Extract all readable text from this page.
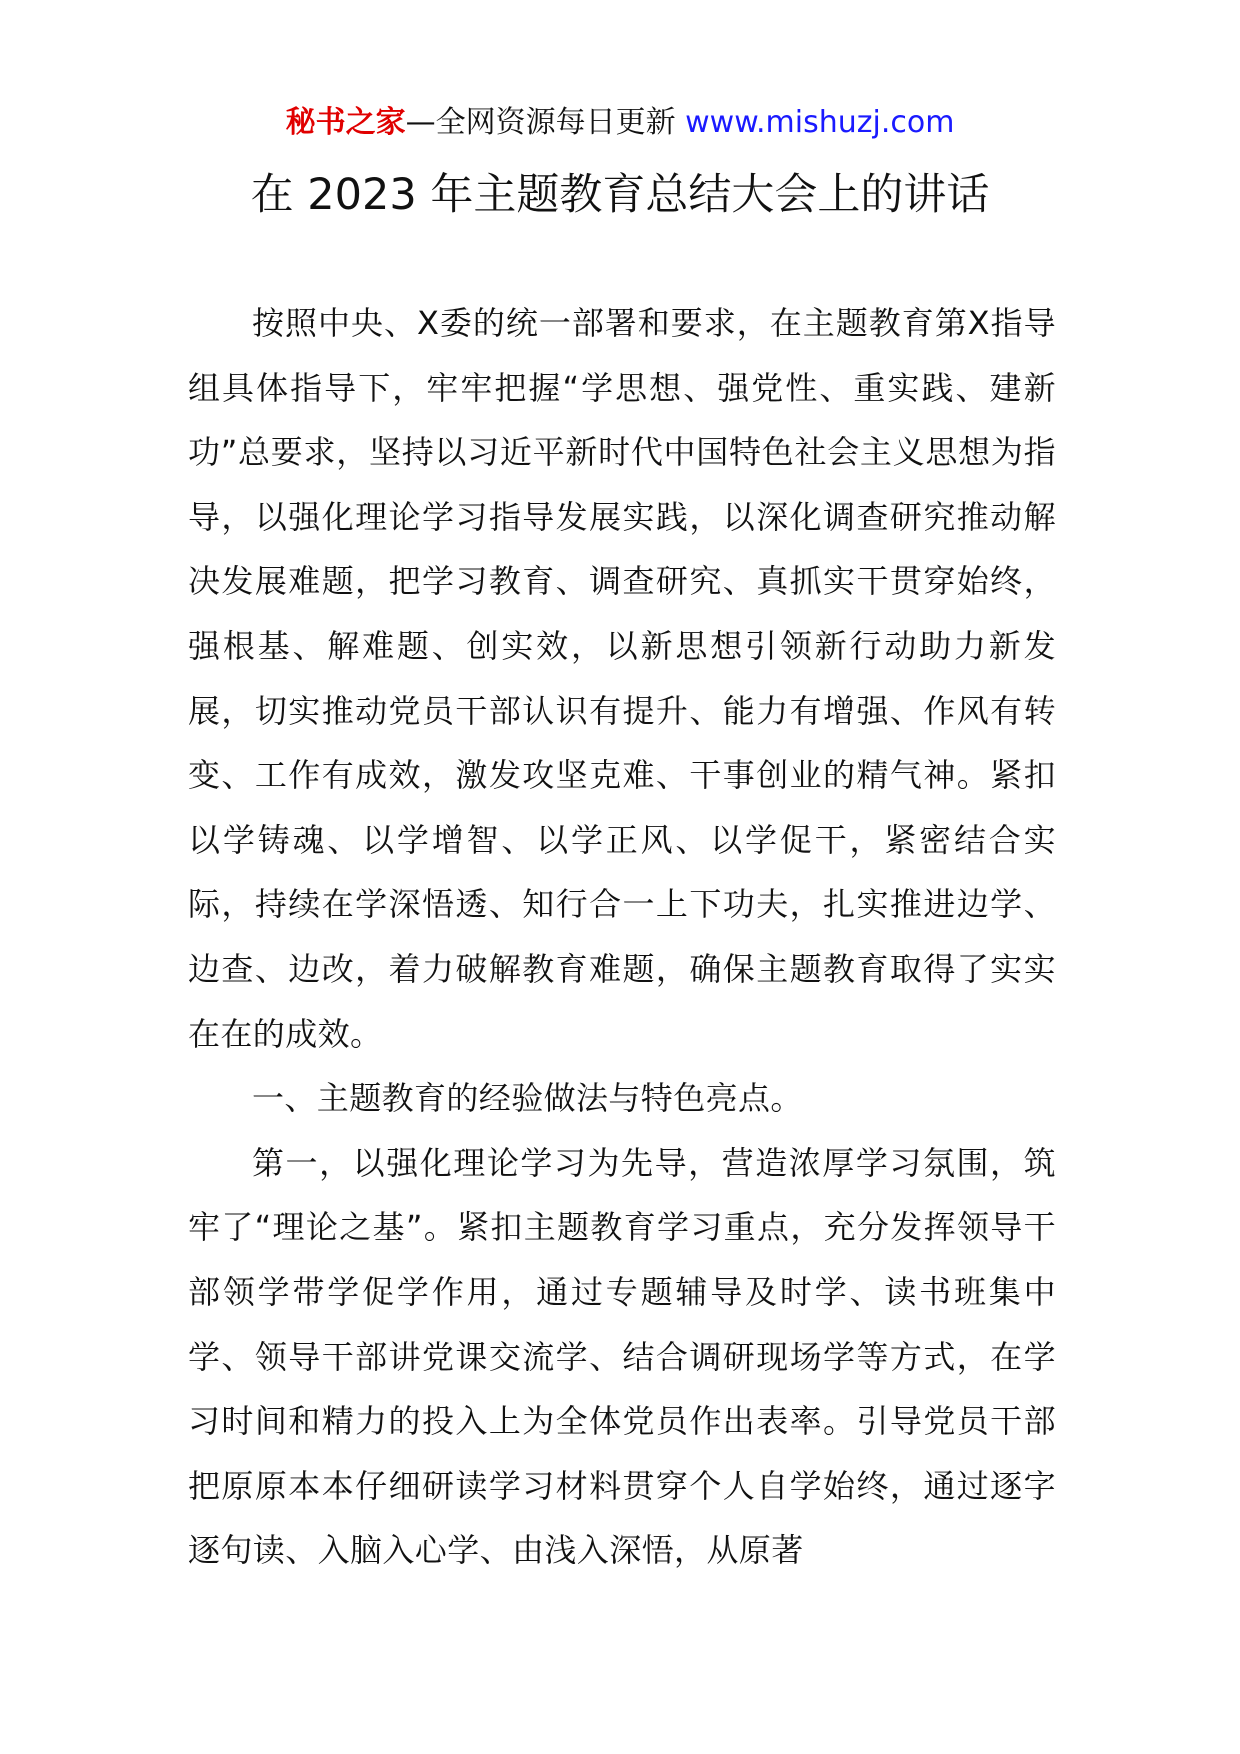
秘书之家—全网资源每日更新 www.mishuzj.com
在 2023 年主题教育总结大会上的讲话

按照中央、X委的统一部署和要求，在主题教育第X指导组具体指导下，牢牢把握“学思想、强党性、重实践、建新功”总要求，坚持以习近平新时代中国特色社会主义思想为指导，以强化理论学习指导发展实践，以深化调查研究推动解决发展难题，把学习教育、调查研究、真抓实干贯穿始终，强根基、解难题、创实效，以新思想引领新行动助力新发展，切实推动党员干部认识有提升、能力有增强、作风有转变、工作有成效，激发攻坚克难、干事创业的精气神。紧扣以学铸魂、以学增智、以学正风、以学促干，紧密结合实际，持续在学深悟透、知行合一上下功夫，扎实推进边学、边查、边改，着力破解教育难题，确保主题教育取得了实实在在的成效。

一、主题教育的经验做法与特色亮点。

第一，以强化理论学习为先导，营造浓厚学习氛围，筑牢了“理论之基”。紧扣主题教育学习重点，充分发挥领导干部领学带学促学作用，通过专题辅导及时学、读书班集中学、领导干部讲党课交流学、结合调研现场学等方式，在学习时间和精力的投入上为全体党员作出表率。引导党员干部把原原本本仔细研读学习材料贯穿个人自学始终，通过逐字逐句读、入脑入心学、由浅入深悟，从原著
